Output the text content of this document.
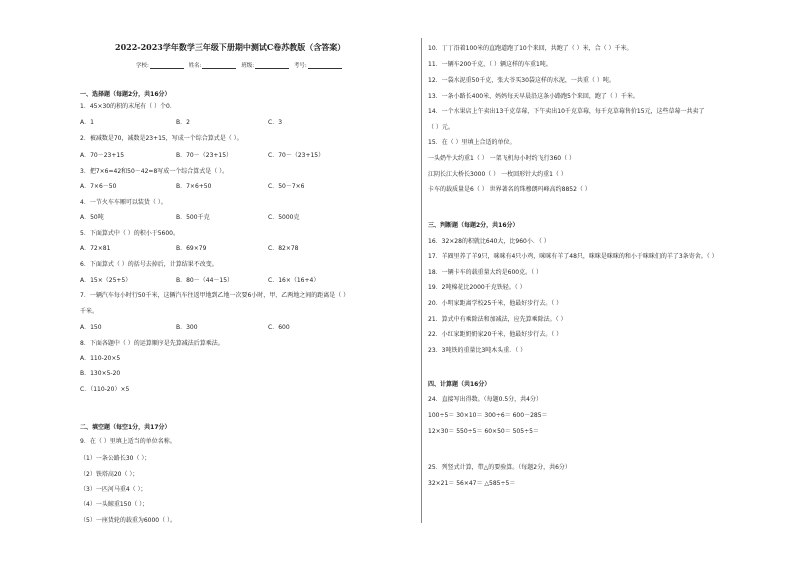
2022-2023学年数学三年级下册期中测试C卷苏教版（含答案）
学校:	姓名:	班级:	考号:
一、选择题（每题2分，共16分）
1．45×30的积的末尾有（ ）个0．
A．1	B．2	C．3
2．被减数是70，减数是23+15，写成一个综合算式是（ ）。
A．70－23+15	B．70－（23+15）	C．70－（23+15）
3．把7×6=42和50－42=8写成一个综合算式是（ ）。
A．7×6－50	B．7×6+50	C．50－7×6
4．一节火车车厢可以装货（ ）。
A．50吨	B．500千克	C．5000克
5．下面算式中（ ）的积小于5600。
A．72×81	B．69×79	C．82×78
6．下面算式（ ）的括号去掉后，计算结果不改变。
A．15×（25+5）	B．80－（44－15）	C．16×（16+4）
7．一辆汽车每小时行50千米，这辆汽车往返甲地到乙地一次要6小时，甲、乙两地之间的距离是（ ）
千米。
A．150	B．300	C．600
8．下面各题中（ ）的运算顺序是先算减法后算乘法。
A．110-20×5
B．130×5-20
C．（110-20）×5
二、填空题（每空1分，共17分）
9．在（ ）里填上适当的单位名称。
（1）一条公路长30（ ）；
（2）铁塔高20（ ）；
（3）一匹河马重4（ ）；
（4）一头鲸重150（ ）；
（5）一座货轮的载重为6000（ ）。
10．丁丁沿着100米的直跑道跑了10个来回，共跑了（ ）米，合（ ）千米。
11．一辆车200千克，（ ）辆这样的车重1吨。
12．一袋水泥重50千克，张大爷买30袋这样的水泥，一共重（ ）吨。
13．一条小路长400米，妈妈每天早晨沿这条小路跑5个来回，跑了（ ）千米。
14．一个水果店上午卖出13千克草莓，下午卖出10千克草莓，每千克草莓售价15元，这些草莓一共卖了
（ ）元。
15．在（ ）里填上合适的单位。
一头奶牛大约重1（ ） 一架飞机每小时约飞行360（ ）
江阴长江大桥长3000（ ） 一枚回形针大约重1（ ）
卡车的载质量是6（ ） 世界著名的珠穆朗玛峰高约8852（ ）
三、判断题（每题2分，共16分）
16．32×28的积就比640大，比960小．（ ）
17．羊圈里养了羊9只，咪咪有4只小鸡，咪咪有羊了48只，咪咪是咪咪的和小于咪咪们的羊了3条寄舍。（ ）
18．一辆卡车的载重量大约是600克。（ ）
19．2吨棉花比2000千克铁轻。（ ）
20．小明家距离学校25千米，他最好步行去。（ ）
21．算式中有乘除法和加减法，应先算乘除法。（ ）
22．小红家距奶奶家20千米，他最好步行去。（ ）
23．3吨铁的重量比3吨木头重．（ ）
四、计算题（共16分）
24．直接写出得数。（每题0.5分，共4分）
100÷5＝ 30×10＝ 300÷6＝ 600－285＝
12×30＝ 550÷5＝ 60×50＝ 505÷5＝
25．列竖式计算，带△的要验算。（每题2分，共6分）
32×21＝ 56×47＝ △585÷5＝
